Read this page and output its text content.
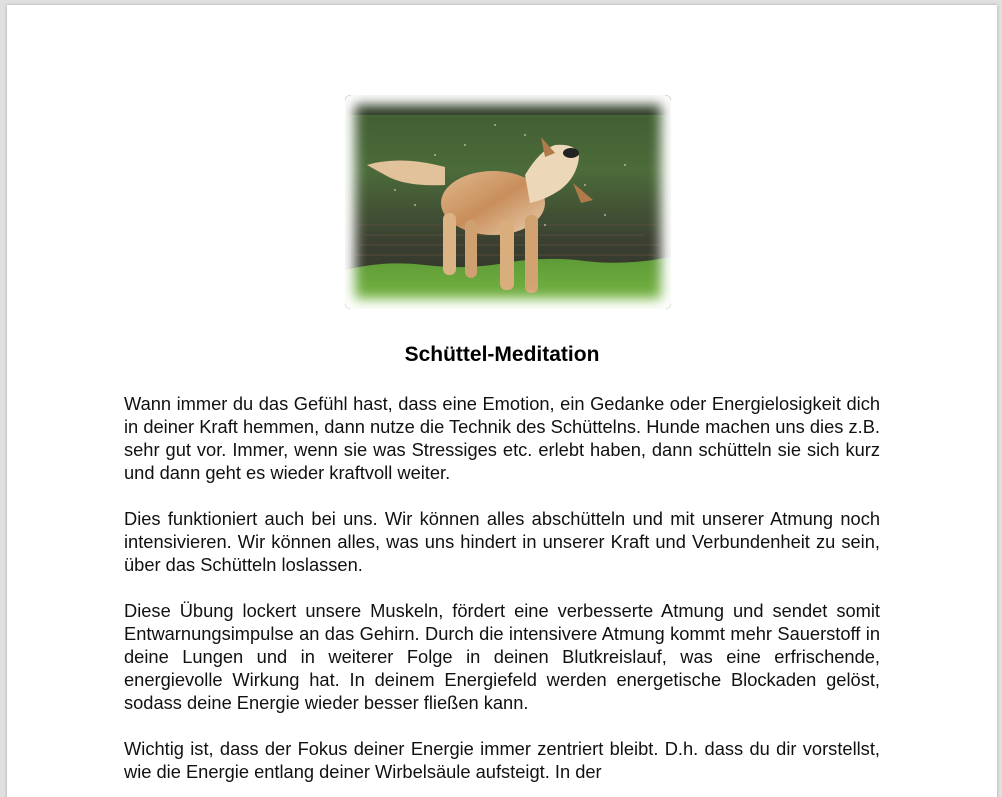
Schüttel-Meditation

Wann immer du das Gefühl hast, dass eine Emotion, ein Gedanke oder Energielosigkeit dich in deiner Kraft hemmen, dann nutze die Technik des Schüttelns. Hunde machen uns dies z.B. sehr gut vor. Immer, wenn sie was Stressiges etc. erlebt haben, dann schütteln sie sich kurz und dann geht es wieder kraftvoll weiter.

Dies funktioniert auch bei uns. Wir können alles abschütteln und mit unserer Atmung noch intensivieren. Wir können alles, was uns hindert in unserer Kraft und Verbundenheit zu sein, über das Schütteln loslassen.

Diese Übung lockert unsere Muskeln, fördert eine verbesserte Atmung und sendet somit Entwarnungsimpulse an das Gehirn. Durch die intensivere Atmung kommt mehr Sauerstoff in deine Lungen und in weiterer Folge in deinen Blutkreislauf, was eine erfrischende, energievolle Wirkung hat. In deinem Energiefeld werden energetische Blockaden gelöst, sodass deine Energie wieder besser fließen kann.

Wichtig ist, dass der Fokus deiner Energie immer zentriert bleibt. D.h. dass du dir vorstellst, wie die Energie entlang deiner Wirbelsäule aufsteigt. In der
